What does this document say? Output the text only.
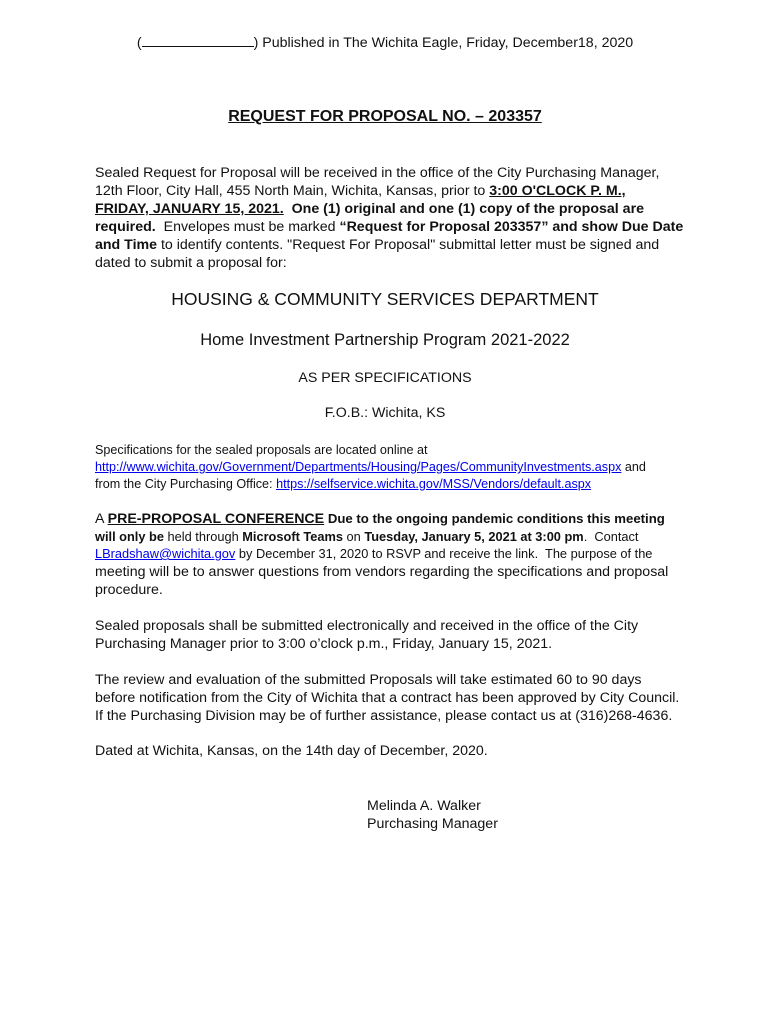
(	) Published in The Wichita Eagle, Friday, December18, 2020
REQUEST FOR PROPOSAL NO. – 203357
Sealed Request for Proposal will be received in the office of the City Purchasing Manager,
12th Floor, City Hall, 455 North Main, Wichita, Kansas, prior to 3:00 O'CLOCK P. M.,
FRIDAY, JANUARY 15, 2021.  One (1) original and one (1) copy of the proposal are
required.  Envelopes must be marked “Request for Proposal 203357” and show Due Date
and Time to identify contents. "Request For Proposal" submittal letter must be signed and
dated to submit a proposal for:
HOUSING & COMMUNITY SERVICES DEPARTMENT
Home Investment Partnership Program 2021-2022
AS PER SPECIFICATIONS
F.O.B.: Wichita, KS
Specifications for the sealed proposals are located online at
http://www.wichita.gov/Government/Departments/Housing/Pages/CommunityInvestments.aspx and
from the City Purchasing Office: https://selfservice.wichita.gov/MSS/Vendors/default.aspx
A PRE-PROPOSAL CONFERENCE Due to the ongoing pandemic conditions this meeting
will only be held through Microsoft Teams on Tuesday, January 5, 2021 at 3:00 pm.  Contact
LBradshaw@wichita.gov by December 31, 2020 to RSVP and receive the link.  The purpose of the
meeting will be to answer questions from vendors regarding the specifications and proposal
procedure.
Sealed proposals shall be submitted electronically and received in the office of the City
Purchasing Manager prior to 3:00 o’clock p.m., Friday, January 15, 2021.
The review and evaluation of the submitted Proposals will take estimated 60 to 90 days
before notification from the City of Wichita that a contract has been approved by City Council.
If the Purchasing Division may be of further assistance, please contact us at (316)268-4636.
Dated at Wichita, Kansas, on the 14th day of December, 2020.
Melinda A. Walker
Purchasing Manager
